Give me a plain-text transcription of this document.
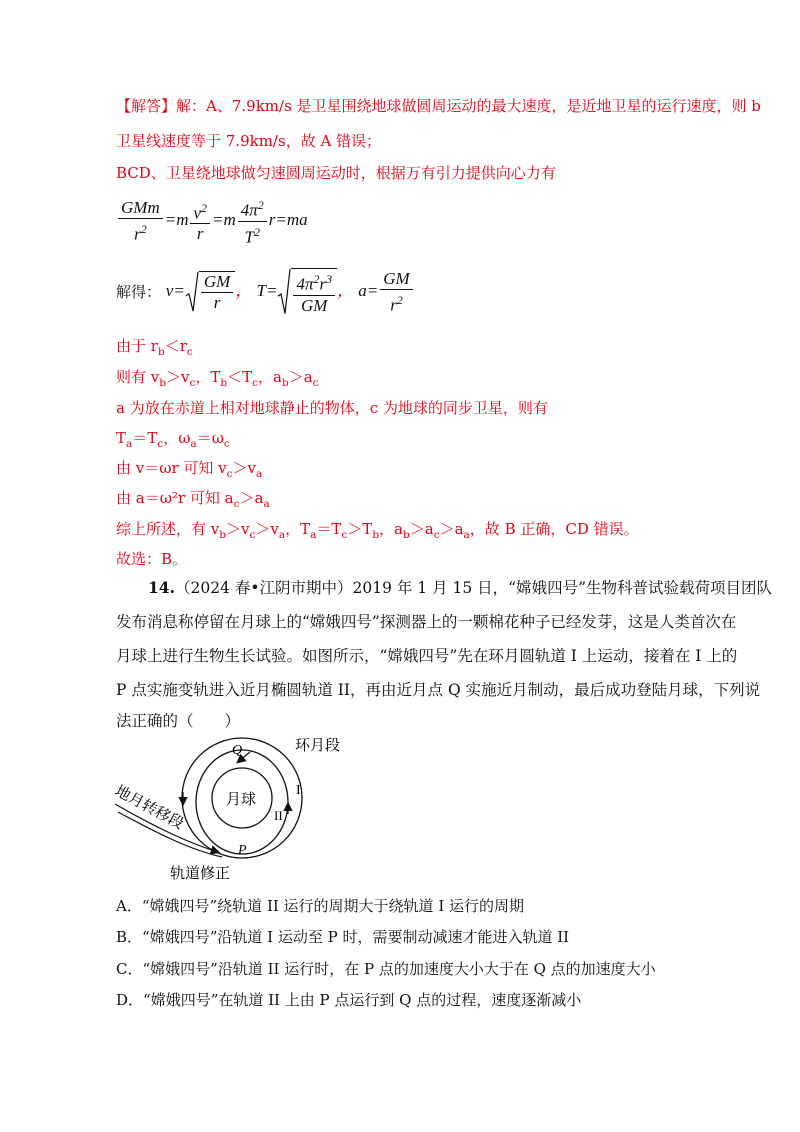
【解答】解：A、7.9km/s 是卫星围绕地球做圆周运动的最大速度，是近地卫星的运行速度，则 b
卫星线速度等于 7.9km/s，故 A 错误；
BCD、卫星绕地球做匀速圆周运动时，根据万有引力提供向心力有
$\frac{\text{GMm}}{r^2} =m \frac{v^2}{r} =m \frac{4\pi^2}{T^2} r=ma$
解得： $v= \frac{GM}{r}$ ， $T= \frac{4\pi^2r^3}{GM}$ ， $a= \frac{GM}{r^2}$
由于 $r_b<r_c$
则有 $v_b>v_c$，$T_b<T_c$，$a_b>a_c$
a 为放在赤道上相对地球静止的物体，c 为地球的同步卫星，则有
$T_a=T_c$，$\omega_a=\omega_c$
由 v＝ωr 可知 $v_c>v_a$
由 a＝ω²r 可知 $a_c>a_a$
综上所述，有 $v_b>v_c>v_a$，$T_a=T_c>T_b$，$a_b>a_c>a_a$，故 B 正确，CD 错误。
故选：B。
14.（2024 春•江阴市期中）2019 年 1 月 15 日，“嫦娥四号”生物科普试验载荷项目团队
发布消息称停留在月球上的“嫦娥四号”探测器上的一颗棉花种子已经发芽，这是人类首次在
月球上进行生物生长试验。如图所示，“嫦娥四号”先在环月圆轨道 I 上运动，接着在 I 上的
P 点实施变轨进入近月椭圆轨道 II，再由近月点 Q 实施近月制动，最后成功登陆月球，下列说
法正确的（　　）
月球
环月段
Q
P
I
II
地月转移段
轨道修正
A．“嫦娥四号”绕轨道 II 运行的周期大于绕轨道 I 运行的周期
B．“嫦娥四号”沿轨道 I 运动至 P 时，需要制动减速才能进入轨道 II
C．“嫦娥四号”沿轨道 II 运行时，在 P 点的加速度大小大于在 Q 点的加速度大小
D．“嫦娥四号”在轨道 II 上由 P 点运行到 Q 点的过程，速度逐渐减小
